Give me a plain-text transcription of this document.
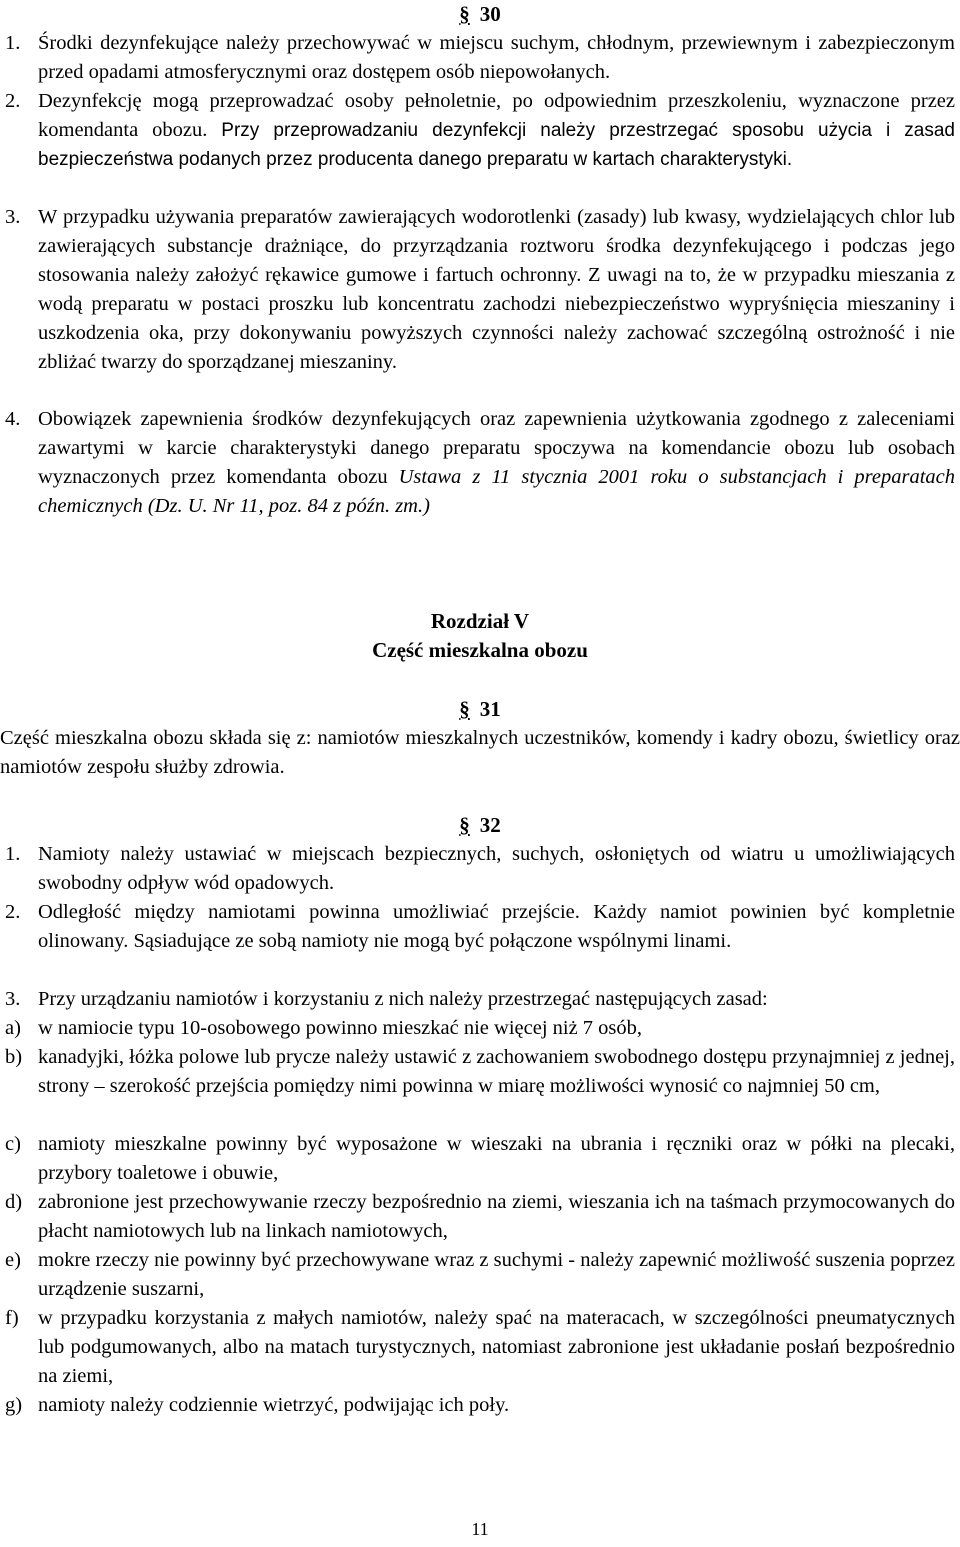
§ 30
1. Środki dezynfekujące należy przechowywać w miejscu suchym, chłodnym, przewiewnym i zabezpieczonym przed opadami atmosferycznymi oraz dostępem osób niepowołanych.
2. Dezynfekcję mogą przeprowadzać osoby pełnoletnie, po odpowiednim przeszkoleniu, wyznaczone przez komendanta obozu. Przy przeprowadzaniu dezynfekcji należy przestrzegać sposobu użycia i zasad bezpieczeństwa podanych przez producenta danego preparatu w kartach charakterystyki.
3. W przypadku używania preparatów zawierających wodorotlenki (zasady) lub kwasy, wydzielających chlor lub zawierających substancje drażniące, do przyrządzania roztworu środka dezynfekującego i podczas jego stosowania należy założyć rękawice gumowe i fartuch ochronny. Z uwagi na to, że w przypadku mieszania z wodą preparatu w postaci proszku lub koncentratu zachodzi niebezpieczeństwo wypryśnięcia mieszaniny i uszkodzenia oka, przy dokonywaniu powyższych czynności należy zachować szczególną ostrożność i nie zbliżać twarzy do sporządzanej mieszaniny.
4. Obowiązek zapewnienia środków dezynfekujących oraz zapewnienia użytkowania zgodnego z zaleceniami zawartymi w karcie charakterystyki danego preparatu spoczywa na komendancie obozu lub osobach wyznaczonych przez komendanta obozu Ustawa z 11 stycznia 2001 roku o substancjach i preparatach chemicznych (Dz. U. Nr 11, poz. 84 z późn. zm.)
Rozdział V
Część mieszkalna obozu
§ 31
Część mieszkalna obozu składa się z: namiotów mieszkalnych uczestników, komendy i kadry obozu, świetlicy oraz namiotów zespołu służby zdrowia.
§ 32
1. Namioty należy ustawiać w miejscach bezpiecznych, suchych, osłoniętych od wiatru u umożliwiających swobodny odpływ wód opadowych.
2. Odległość między namiotami powinna umożliwiać przejście. Każdy namiot powinien być kompletnie olinowany. Sąsiadujące ze sobą namioty nie mogą być połączone wspólnymi linami.
3. Przy urządzaniu namiotów i korzystaniu z nich należy przestrzegać następujących zasad:
a) w namiocie typu 10-osobowego powinno mieszkać nie więcej niż 7 osób,
b) kanadyjki, łóżka polowe lub prycze należy ustawić z zachowaniem swobodnego dostępu przynajmniej z jednej, strony – szerokość przejścia pomiędzy nimi powinna w miarę możliwości wynosić co najmniej 50 cm,
c) namioty mieszkalne powinny być wyposażone w wieszaki na ubrania i ręczniki oraz w półki na plecaki, przybory toaletowe i obuwie,
d) zabronione jest przechowywanie rzeczy bezpośrednio na ziemi, wieszania ich na taśmach przymocowanych do płacht namiotowych lub na linkach namiotowych,
e) mokre rzeczy nie powinny być przechowywane wraz z suchymi - należy zapewnić możliwość suszenia poprzez urządzenie suszarni,
f) w przypadku korzystania z małych namiotów, należy spać na materacach, w szczególności pneumatycznych lub podgumowanych, albo na matach turystycznych, natomiast zabronione jest układanie posłań bezpośrednio na ziemi,
g) namioty należy codziennie wietrzyć, podwijając ich poły.
11
